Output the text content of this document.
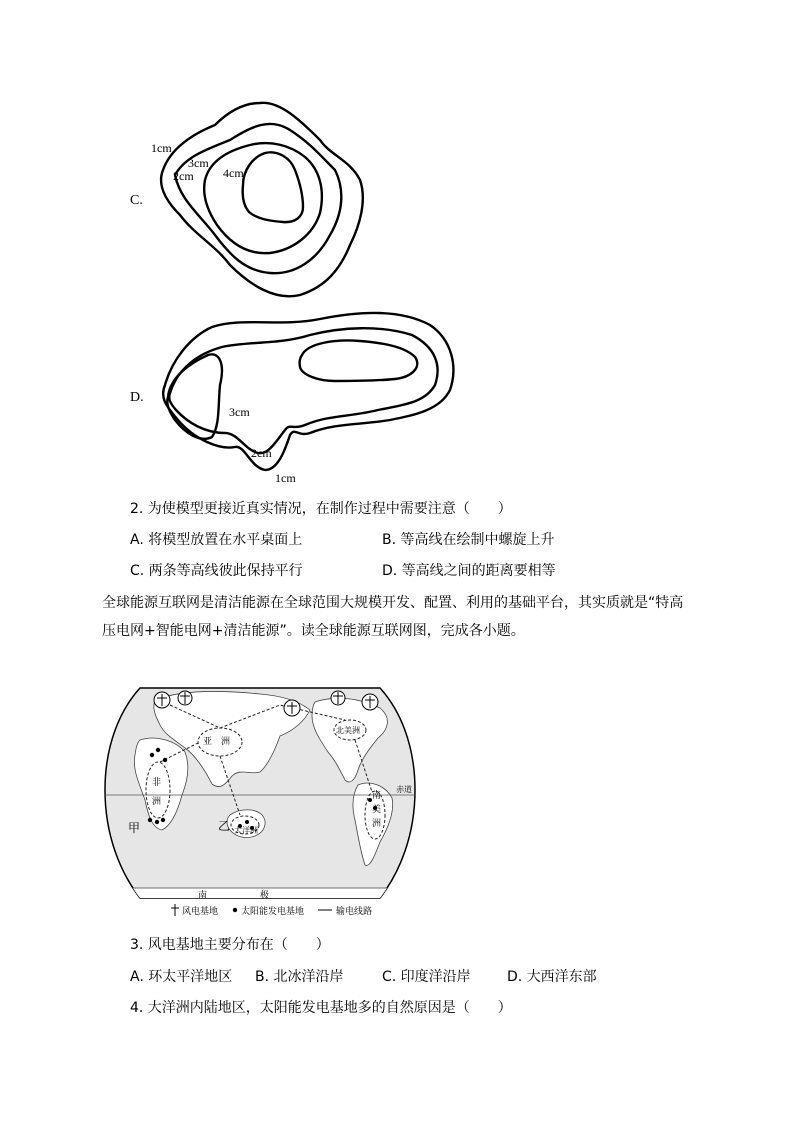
C.
1cm
3cm
2cm 4cm
D.
3cm
2cm
1cm
2. 为使模型更接近真实情况，在制作过程中需要注意（　　）
A. 将模型放置在水平桌面上	B. 等高线在绘制中螺旋上升
C. 两条等高线彼此保持平行	D. 等高线之间的距离要相等
全球能源互联网是清洁能源在全球范围大规模开发、配置、利用的基础平台，其实质就是“特高
压电网+智能电网+清洁能源”。读全球能源互联网图，完成各小题。
风电基地	太阳能发电基地	输电线路
亚　洲
非
洲
北美洲
南
美
洲
大洋洲
南	极
赤道
甲	乙
3. 风电基地主要分布在（　　）
A. 环太平洋地区 B. 北冰洋沿岸	C. 印度洋沿岸	D. 大西洋东部
4. 大洋洲内陆地区，太阳能发电基地多的自然原因是（　　）
